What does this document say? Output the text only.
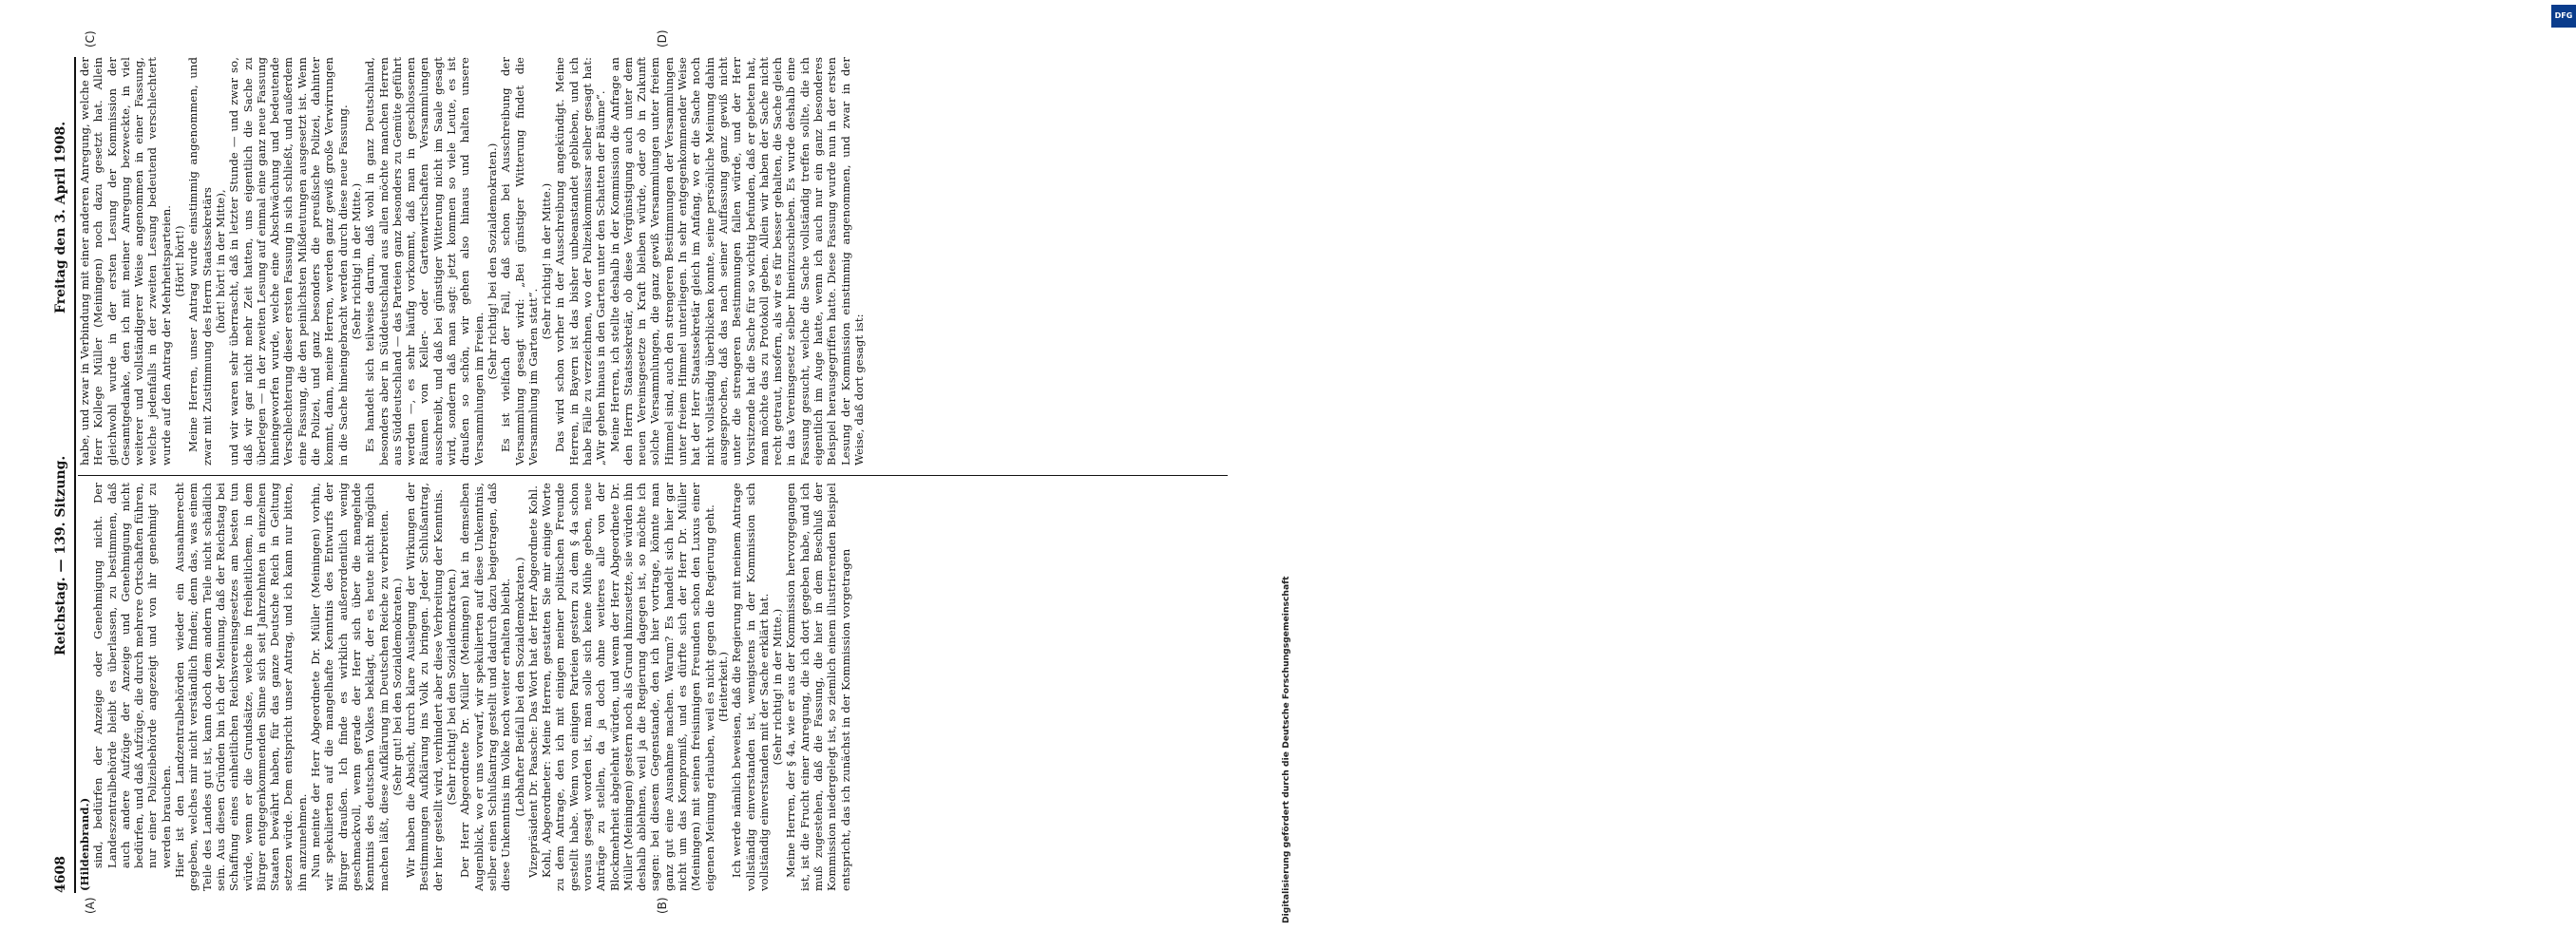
4608
Reichstag. — 139. Sitzung.
Freitag den 3. April 1908.
(A)	(B)
(C)	(D)

(Hildenbrand.) sind, bedürfen der Anzeige oder Genehmigung nicht. Der Landeszentralbehörde bleibt es überlassen, zu bestimmen, daß auch andere Aufzüge der Anzeige und Genehmigung nicht bedürfen, und daß Aufzüge, die durch mehrere Ortschaften führen, nur einer Polizeibehörde angezeigt und von ihr genehmigt zu werden brauchen. Hier ist den Landzentralbehörden wieder ein Ausnahmerecht gegeben, welches mir nicht verständlich finden; denn das, was einem Teile des Landes gut ist, kann doch dem andern Teile nicht schädlich sein. Aus diesen Gründen bin ich der Meinung, daß der Reichstag bei Schaffung eines einheitlichen Reichsvereinsgesetzes am besten tun würde, wenn er die Grundsätze, welche in freiheitlichem, in dem Bürger entgegenkommenden Sinne sich seit Jahrzehnten in einzelnen Staaten bewährt haben, für das ganze Deutsche Reich in Geltung setzen würde. Dem entspricht unser Antrag, und ich kann nur bitten, ihn anzunehmen. Nun meinte der Herr Abgeordnete Dr. Müller (Meiningen) vorhin, wir spekulierten auf die mangelhafte Kenntnis des Entwurfs der Bürger draußen. Ich finde es wirklich außerordentlich wenig geschmackvoll, wenn gerade der Herr sich über die mangelnde Kenntnis des deutschen Volkes beklagt, der es heute nicht möglich machen läßt, diese Aufklärung im Deutschen Reiche zu verbreiten. (Sehr gut! bei den Sozialdemokraten.) Wir haben die Absicht, durch klare Auslegung der Wirkungen der Bestimmungen Aufklärung ins Volk zu bringen. Jeder Schlußantrag, der hier gestellt wird, verhindert aber diese Verbreitung der Kenntnis. (Sehr richtig! bei den Sozialdemokraten.) Der Herr Abgeordnete Dr. Müller (Meiningen) hat in demselben Augenblick, wo er uns vorwarf, wir spekulierten auf diese Unkenntnis, selber einen Schlußantrag gestellt und dadurch dazu beigetragen, daß diese Unkenntnis im Volke noch weiter erhalten bleibt. (Lebhafter Beifall bei den Sozialdemokraten.) Vizepräsident Dr. Paasche: Das Wort hat der Herr Abgeordnete Kohl. Kohl, Abgeordneter: Meine Herren, gestatten Sie mir einige Worte zu dem Antrage, den ich mit einigen meiner politischen Freunde gestellt habe. Wenn von einigen Parteien gestern zu dem § 4a schon voraus gesagt worden ist, man solle sich keine Mühe geben, neue Anträge zu stellen, da ja doch ohne weiteres alle von der Blockmehrheit abgelehnt würden, und wenn der Herr Abgeordnete Dr. Müller (Meiningen) gestern noch als Grund hinzusetzte, sie würden ihn deshalb ablehnen, weil ja die Regierung dagegen ist, so möchte ich sagen: bei diesem Gegenstande, den ich hier vortrage, könnte man ganz gut eine Ausnahme machen. Warum? Es handelt sich hier gar nicht um das Kompromiß, und es dürfte sich der Herr Dr. Müller (Meiningen) mit seinen freisinnigen Freunden schon den Luxus einer eigenen Meinung erlauben, weil es nicht gegen die Regierung geht. (Heiterkeit.) Ich werde nämlich beweisen, daß die Regierung mit meinem Antrage vollständig einverstanden ist, wenigstens in der Kommission sich vollständig einverstanden mit der Sache erklärt hat. (Sehr richtig! in der Mitte.) Meine Herren, der § 4a, wie er aus der Kommission hervorgegangen ist, ist die Frucht einer Anregung, die ich dort gegeben habe, und ich muß zugestehen, daß die Fassung, die hier in dem Beschluß der Kommission niedergelegt ist, so ziemlich einem illustrierenden Beispiel entspricht, das ich zunächst in der Kommission vorgetragen

habe, und zwar in Verbindung mit einer anderen Anregung, welche der Herr Kollege Müller (Meiningen) noch dazu gesetzt hat. Allein gleichwohl wurde in der ersten Lesung der Kommission der Gesamtgedanke, den ich mit meiner Anregung bezweckte, in viel weiterer und vollständigerer Weise angenommen in einer Fassung, welche jedenfalls in der zweiten Lesung bedeutend verschlechtert wurde auf den Antrag der Mehrheitsparteien. (Hört! hört!) Meine Herren, unser Antrag wurde einstimmig angenommen, und zwar mit Zustimmung des Herrn Staatssekretärs (hört! hört! in der Mitte), und wir waren sehr überrascht, daß in letzter Stunde — und zwar so, daß wir gar nicht mehr Zeit hatten, uns eigentlich die Sache zu überlegen — in der zweiten Lesung auf einmal eine ganz neue Fassung hineingeworfen wurde, welche eine Abschwächung und bedeutende Verschlechterung dieser ersten Fassung in sich schließt, und außerdem eine Fassung, die den peinlichsten Mißdeutungen ausgesetzt ist. Wenn die Polizei, und ganz besonders die preußische Polizei, dahinter kommt, dann, meine Herren, werden ganz gewiß große Verwirrungen in die Sache hineingebracht werden durch diese neue Fassung. (Sehr richtig! in der Mitte.) Es handelt sich teilweise darum, daß wohl in ganz Deutschland, besonders aber in Süddeutschland aus allen möchte manchen Herren aus Süddeutschland — das Parteien ganz besonders zu Gemüte geführt werden —, es sehr häufig vorkommt, daß man in geschlossenen Räumen von Keller- oder Gartenwirtschaften Versammlungen ausschreibt, und daß bei günstiger Witterung nicht im Saale gesagt wird, sondern daß man sagt: jetzt kommen so viele Leute, es ist draußen so schön, wir gehen also hinaus und halten unsere Versammlungen im Freien.

(Sehr richtig! bei den Sozialdemokraten.) Es ist vielfach der Fall, daß schon bei Ausschreibung der Versammlung gesagt wird: „Bei günstiger Witterung findet die Versammlung im Garten statt“.

(Sehr richtig! in der Mitte.) Das wird schon vorher in der Ausschreibung angekündigt. Meine Herren, in Bayern ist das bisher unbeanstandet geblieben, und ich habe Fälle zu verzeichnen, wo der Polizeikommissar selber gesagt hat: „Wir gehen hinaus in den Garten unter den Schatten der Bäume“. Meine Herren, ich stellte deshalb in der Kommission die Anfrage an den Herrn Staatssekretär, ob diese Vergünstigung auch unter dem neuen Vereinsgesetze in Kraft bleiben würde, oder ob in Zukunft solche Versammlungen, die ganz gewiß Versammlungen unter freiem Himmel sind, auch den strengeren Bestimmungen der Versammlungen unter freiem Himmel unterliegen. In sehr entgegenkommender Weise hat der Herr Staatssekretär gleich im Anfang, wo er die Sache noch nicht vollständig überblicken konnte, seine persönliche Meinung dahin ausgesprochen, daß das nach seiner Auffassung ganz gewiß nicht unter die strengeren Bestimmungen fallen würde, und der Herr Vorsitzende hat die Sache für so wichtig befunden, daß er gebeten hat, man möchte das zu Protokoll geben. Allein wir haben der Sache nicht recht getraut, insofern, als wir es für besser gehalten, die Sache gleich in das Vereinsgesetz selber hineinzuschieben. Es wurde deshalb eine Fassung gesucht, welche die Sache vollständig treffen sollte, die ich eigentlich im Auge hatte, wenn ich auch nur ein ganz besonderes Beispiel herausgegriffen hatte. Diese Fassung wurde nun in der ersten Lesung der Kommission einstimmig angenommen, und zwar in der Weise, daß dort gesagt ist:

DFG
Digitalisierung gefördert durch die Deutsche Forschungsgemeinschaft
